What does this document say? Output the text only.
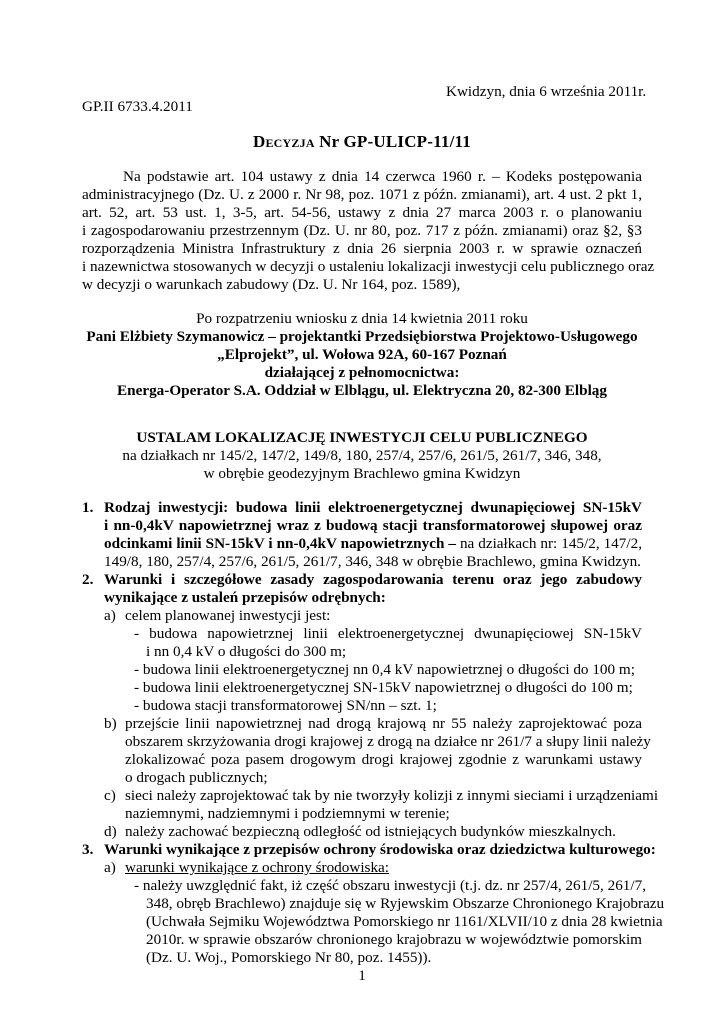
Kwidzyn, dnia 6 września 2011r.
GP.II 6733.4.2011
Decyzja Nr GP-ULICP-11/11
Na podstawie art. 104 ustawy z dnia 14 czerwca 1960 r. – Kodeks postępowania
administracyjnego (Dz. U. z 2000 r. Nr 98, poz. 1071 z późn. zmianami), art. 4 ust. 2 pkt 1,
art. 52, art. 53 ust. 1, 3-5, art. 54-56, ustawy z dnia 27 marca 2003 r. o planowaniu
i zagospodarowaniu przestrzennym (Dz. U. nr 80, poz. 717 z późn. zmianami) oraz §2, §3
rozporządzenia Ministra Infrastruktury z dnia 26 sierpnia 2003 r. w sprawie oznaczeń
i nazewnictwa stosowanych w decyzji o ustaleniu lokalizacji inwestycji celu publicznego oraz
w decyzji o warunkach zabudowy (Dz. U. Nr 164, poz. 1589),
Po rozpatrzeniu wniosku z dnia 14 kwietnia 2011 roku
Pani Elżbiety Szymanowicz – projektantki Przedsiębiorstwa Projektowo-Usługowego
„Elprojekt”, ul. Wołowa 92A, 60-167 Poznań
działającej z pełnomocnictwa:
Energa-Operator S.A. Oddział w Elblągu, ul. Elektryczna 20, 82-300 Elbląg
USTALAM LOKALIZACJĘ INWESTYCJI CELU PUBLICZNEGO
na działkach nr 145/2, 147/2, 149/8, 180, 257/4, 257/6, 261/5, 261/7, 346, 348,
w obrębie geodezyjnym Brachlewo gmina Kwidzyn
1. Rodzaj inwestycji: budowa linii elektroenergetycznej dwunapięciowej SN-15kV
i nn-0,4kV napowietrznej wraz z budową stacji transformatorowej słupowej oraz
odcinkami linii SN-15kV i nn-0,4kV napowietrznych – na działkach nr: 145/2, 147/2,
149/8, 180, 257/4, 257/6, 261/5, 261/7, 346, 348 w obrębie Brachlewo, gmina Kwidzyn.
2. Warunki i szczegółowe zasady zagospodarowania terenu oraz jego zabudowy
wynikające z ustaleń przepisów odrębnych:
a) celem planowanej inwestycji jest:
- budowa napowietrznej linii elektroenergetycznej dwunapięciowej SN-15kV
i nn 0,4 kV o długości do 300 m;
- budowa linii elektroenergetycznej nn 0,4 kV napowietrznej o długości do 100 m;
- budowa linii elektroenergetycznej SN-15kV napowietrznej o długości do 100 m;
- budowa stacji transformatorowej SN/nn – szt. 1;
b) przejście linii napowietrznej nad drogą krajową nr 55 należy zaprojektować poza
obszarem skrzyżowania drogi krajowej z drogą na działce nr 261/7 a słupy linii należy
zlokalizować poza pasem drogowym drogi krajowej zgodnie z warunkami ustawy
o drogach publicznych;
c) sieci należy zaprojektować tak by nie tworzyły kolizji z innymi sieciami i urządzeniami
naziemnymi, nadziemnymi i podziemnymi w terenie;
d) należy zachować bezpieczną odległość od istniejących budynków mieszkalnych.
3. Warunki wynikające z przepisów ochrony środowiska oraz dziedzictwa kulturowego:
a) warunki wynikające z ochrony środowiska:
- należy uwzględnić fakt, iż część obszaru inwestycji (t.j. dz. nr 257/4, 261/5, 261/7,
348, obręb Brachlewo) znajduje się w Ryjewskim Obszarze Chronionego Krajobrazu
(Uchwała Sejmiku Województwa Pomorskiego nr 1161/XLVII/10 z dnia 28 kwietnia
2010r. w sprawie obszarów chronionego krajobrazu w województwie pomorskim
(Dz. U. Woj., Pomorskiego Nr 80, poz. 1455)).
1
